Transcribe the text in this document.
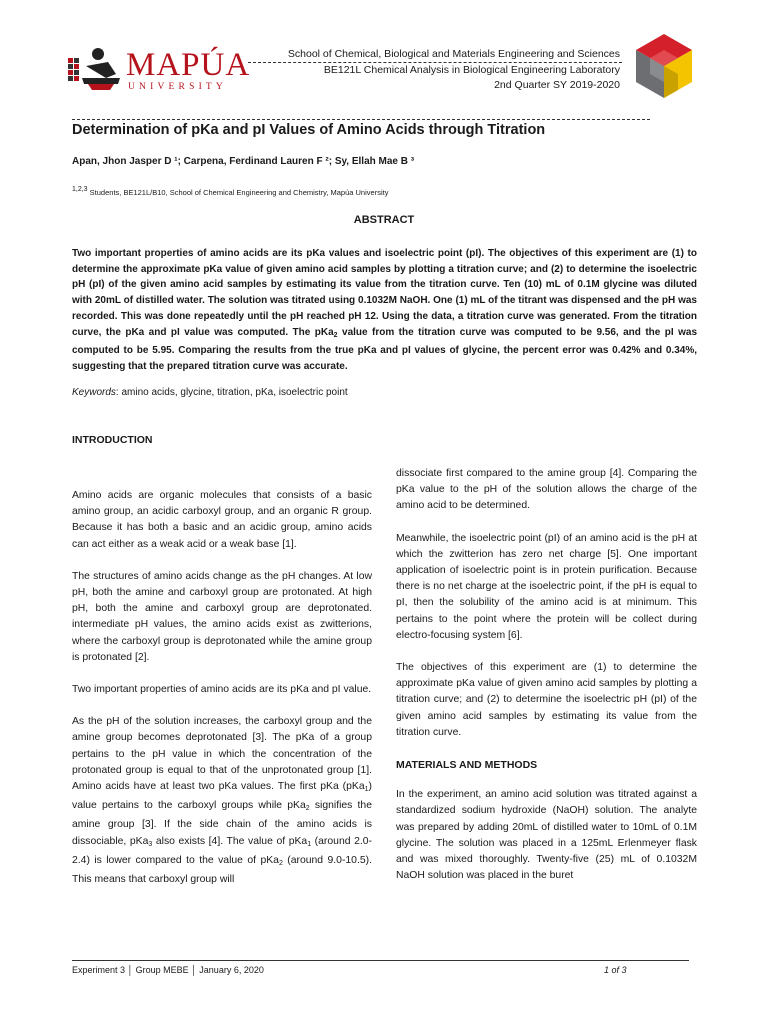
MAPÚA
UNIVERSITY
School of Chemical, Biological and Materials Engineering and Sciences
BE121L Chemical Analysis in Biological Engineering Laboratory
2nd Quarter SY 2019-2020
Determination of pKa and pI Values of Amino Acids through Titration
Apan, Jhon Jasper D ¹; Carpena, Ferdinand Lauren F ²; Sy, Ellah Mae B ³
1,2,3 Students, BE121L/B10, School of Chemical Engineering and Chemistry, Mapúa University
ABSTRACT
Two important properties of amino acids are its pKa values and isoelectric point (pI). The objectives of this experiment are (1) to determine the approximate pKa value of given amino acid samples by plotting a titration curve; and (2) to determine the isoelectric pH (pI) of the given amino acid samples by estimating its value from the titration curve. Ten (10) mL of 0.1M glycine was diluted with 20mL of distilled water. The solution was titrated using 0.1032M NaOH. One (1) mL of the titrant was dispensed and the pH was recorded. This was done repeatedly until the pH reached pH 12. Using the data, a titration curve was generated. From the titration curve, the pKa and pI value was computed. The pKa$_2$ value from the titration curve was computed to be 9.56, and the pI was computed to be 5.95. Comparing the results from the true pKa and pI values of glycine, the percent error was 0.42% and 0.34%, suggesting that the prepared titration curve was accurate.
Keywords: amino acids, glycine, titration, pKa, isoelectric point
INTRODUCTION

Amino acids are organic molecules that consists of a basic amino group, an acidic carboxyl group, and an organic R group. Because it has both a basic and an acidic group, amino acids can act either as a weak acid or a weak base [1].

The structures of amino acids change as the pH changes. At low pH, both the amine and carboxyl group are protonated. At high pH, both the amine and carboxyl group are deprotonated. intermediate pH values, the amino acids exist as zwitterions, where the carboxyl group is deprotonated while the amine group is protonated [2].

Two important properties of amino acids are its pKa and pI value.

As the pH of the solution increases, the carboxyl group and the amine group becomes deprotonated [3]. The pKa of a group pertains to the pH value in which the concentration of the protonated group is equal to that of the unprotonated group [1]. Amino acids have at least two pKa values. The first pKa (pKa$_1$) value pertains to the carboxyl groups while pKa$_2$ signifies the amine group [3]. If the side chain of the amino acids is dissociable, pKa$_3$ also exists [4]. The value of pKa$_1$ (around 2.0-2.4) is lower compared to the value of pKa$_2$ (around 9.0-10.5). This means that carboxyl group will

dissociate first compared to the amine group [4]. Comparing the pKa value to the pH of the solution allows the charge of the amino acid to be determined.

Meanwhile, the isoelectric point (pI) of an amino acid is the pH at which the zwitterion has zero net charge [5]. One important application of isoelectric point is in protein purification. Because there is no net charge at the isoelectric point, if the pH is equal to pI, then the solubility of the amino acid is at minimum. This pertains to the point where the protein will be collect during electro-focusing system [6].

The objectives of this experiment are (1) to determine the approximate pKa value of given amino acid samples by plotting a titration curve; and (2) to determine the isoelectric pH (pI) of the given amino acid samples by estimating its value from the titration curve.

MATERIALS AND METHODS

In the experiment, an amino acid solution was titrated against a standardized sodium hydroxide (NaOH) solution. The analyte was prepared by adding 20mL of distilled water to 10mL of 0.1M glycine. The solution was placed in a 125mL Erlenmeyer flask and was mixed thoroughly. Twenty-five (25) mL of 0.1032M NaOH solution was placed in the buret

Experiment 3 │ Group MEBE │ January 6, 2020	1 of 3
